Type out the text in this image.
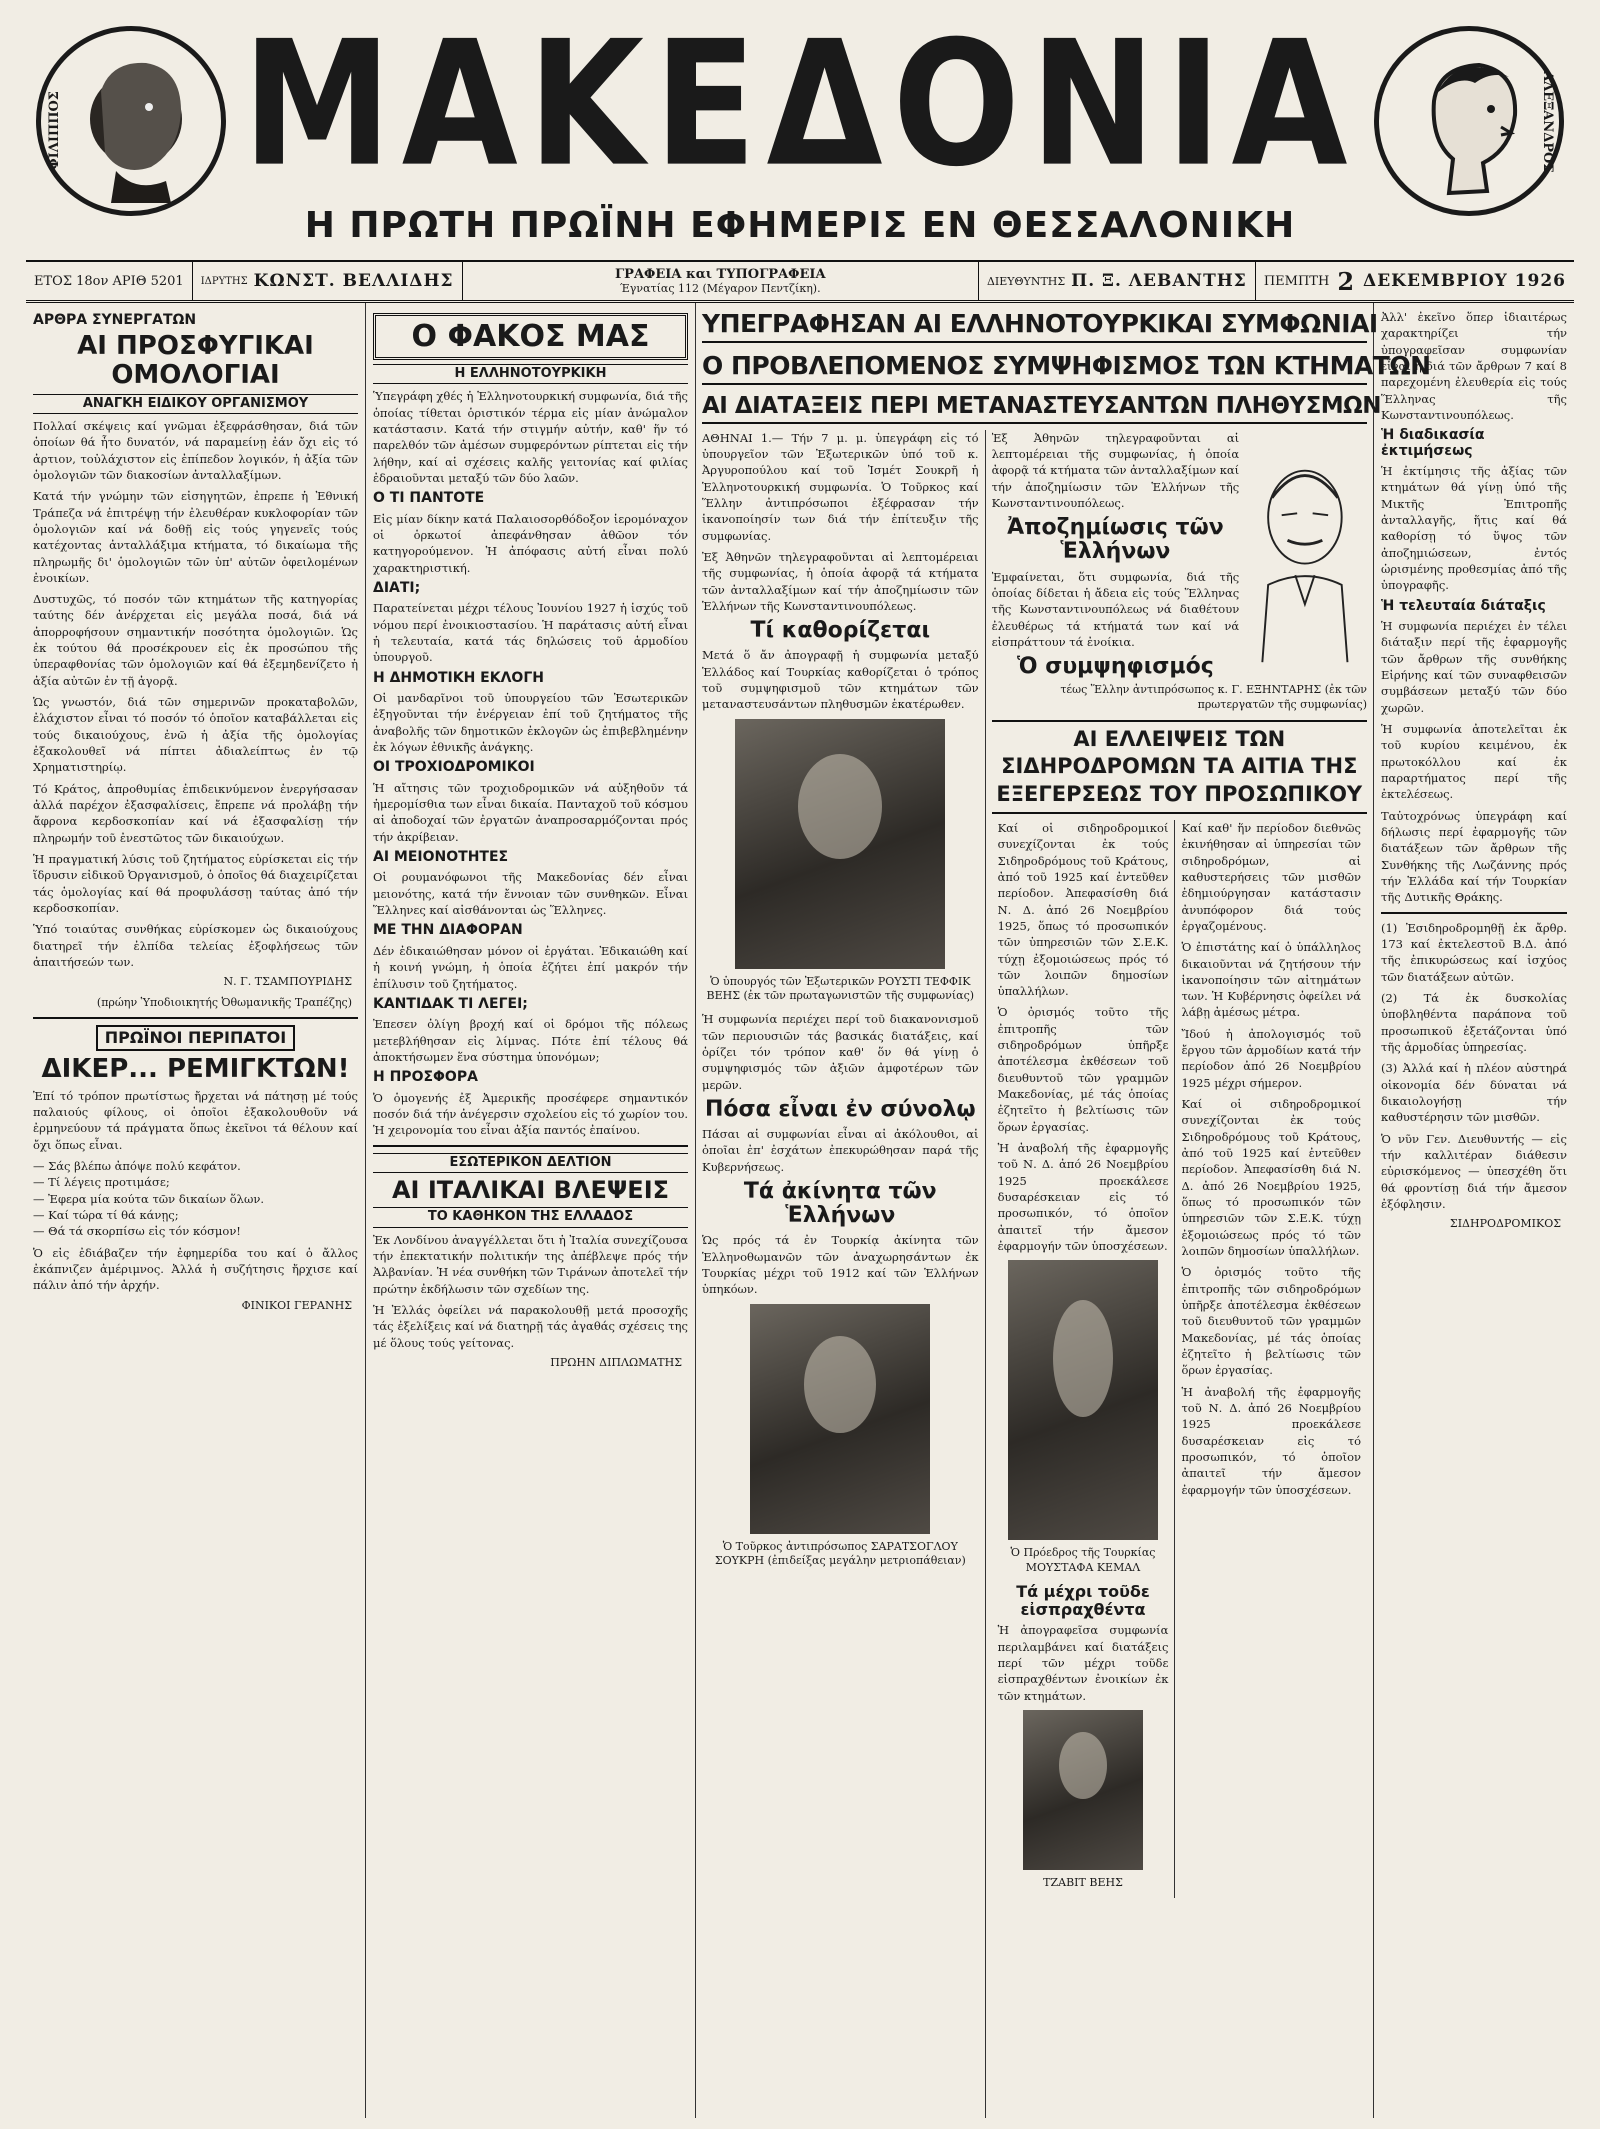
ΦΙΛΙΠΠΟΣ	ΜΑΚΕΔΟΝΙΑ
Η ΠΡΩΤΗ ΠΡΩΪΝΗ ΕΦΗΜΕΡΙΣ ΕΝ ΘΕΣΣΑΛΟΝΙΚΗ
ΑΛΕΞΑΝΔΡΟΣ
ΕΤΟΣ 18ον ΑΡΙΘ 5201 ΙΔΡΥΤΗΣ ΚΩΝΣΤ. ΒΕΛΛΙΔΗΣ	ΓΡΑΦΕΙΑ και ΤΥΠΟΓΡΑΦΕΙΑ
Έγνατίας 112 (Μέγαρον Πεντζίκη).
ΔΙΕΥΘΥΝΤΗΣ Π. Ξ. ΛΕΒΑΝΤΗΣ ΠΕΜΠΤΗ 2 ΔΕΚΕΜΒΡΙΟΥ 1926
ΑΡΘΡΑ ΣΥΝΕΡΓΑΤΩΝ
ΑΙ ΠΡΟΣΦΥΓΙΚΑΙ ΟΜΟΛΟΓΙΑΙ
ΑΝΑΓΚΗ ΕΙΔΙΚΟΥ ΟΡΓΑΝΙΣΜΟΥ

Πολλαί σκέψεις καί γνῶμαι ἐξεφράσθησαν, διά τῶν ὁποίων θά ἦτο δυνατόν, νά παραμείνῃ ἐάν ὄχι εἰς τό ἀρτιον, τοὐλάχιστον εἰς ἐπίπεδον λογικόν, ἡ ἀξία τῶν ὁμολογιῶν τῶν διακοσίων ἀνταλλαξίμων.

Κατά τήν γνώμην τῶν εἰσηγητῶν, ἐπρεπε ἡ Ἐθνική Τράπεζα νά ἐπιτρέψῃ τήν ἐλευθέραν κυκλοφορίαν τῶν ὁμολογιῶν καί νά δοθῇ εἰς τούς γηγενεῖς τούς κατέχοντας ἀνταλλάξιμα κτήματα, τό δικαίωμα τῆς πληρωμῆς δι' ὁμολογιῶν τῶν ὑπ' αὐτῶν ὀφειλομένων ἐνοικίων.

Δυστυχῶς, τό ποσόν τῶν κτημάτων τῆς κατηγορίας ταύτης δέν ἀνέρχεται εἰς μεγάλα ποσά, διά νά ἀπορροφήσουν σημαντικήν ποσότητα ὁμολογιῶν. Ὡς ἐκ τούτου θά προσέκρουεν εἰς ἐκ προσώπου τῆς ὑπεραφθονίας τῶν ὁμολογιῶν καί θά ἐξεμηδενίζετο ἡ ἀξία αὐτῶν ἐν τῇ ἀγορᾷ.

Ὡς γνωστόν, διά τῶν σημερινῶν προκαταβολῶν, ἐλάχιστον εἶναι τό ποσόν τό ὁποῖον καταβάλλεται εἰς τούς δικαιούχους, ἐνῶ ἡ ἀξία τῆς ὁμολογίας ἐξακολουθεῖ νά πίπτει ἀδιαλείπτως ἐν τῷ Χρηματιστηρίῳ.

Τό Κράτος, ἀπροθυμίας ἐπιδεικνύμενον ἐνεργήσασαν ἀλλά παρέχον ἐξασφαλίσεις, ἔπρεπε νά προλάβῃ τήν ἄφρονα κερδοσκοπίαν καί νά ἐξασφαλίσῃ τήν πληρωμήν τοῦ ἐνεστῶτος τῶν δικαιούχων.

Ἡ πραγματική λύσις τοῦ ζητήματος εὑρίσκεται εἰς τήν ἵδρυσιν εἰδικοῦ Ὀργανισμοῦ, ὁ ὁποῖος θά διαχειρίζεται τάς ὁμολογίας καί θά προφυλάσσῃ ταύτας ἀπό τήν κερδοσκοπίαν.

Ὑπό τοιαύτας συνθήκας εὑρίσκομεν ὡς δικαιούχους διατηρεῖ τήν ἐλπίδα τελείας ἐξοφλήσεως τῶν ἀπαιτήσεών των.

Ν. Γ. ΤΣΑΜΠΟΥΡΙΔΗΣ
(πρώην Ὑποδιοικητής Ὀθωμανικῆς Τραπέζης)
ΠΡΩΪΝΟΙ ΠΕΡΙΠΑΤΟΙ
ΔΙΚΕΡ... ΡΕΜΙΓΚΤΩΝ!

Ἐπί τό τρόπον πρωτίστως ἤρχεται νά πάτησῃ μέ τούς παλαιούς φίλους, οἱ ὁποῖοι ἐξακολουθοῦν νά ἐρμηνεύουν τά πράγματα ὅπως ἐκεῖνοι τά θέλουν καί ὄχι ὅπως εἶναι.

— Σάς βλέπω ἀπόψε πολύ κεφάτον.
— Τί λέγεις προτιμάσε;
— Ἐφερα μία κούτα τῶν δικαίων ὅλων.
— Καί τώρα τί θά κάνῃς;
— Θά τά σκορπίσω εἰς τόν κόσμον!

Ὁ εἰς ἐδιάβαζεν τήν ἐφημερίδα του καί ὁ ἄλλος ἐκάπνιζεν ἀμέριμνος. Ἀλλά ἡ συζήτησις ἤρχισε καί πάλιν ἀπό τήν ἀρχήν.

ΦΙΝΙΚΟΙ ΓΕΡΑΝΗΣ
Ο ΦΑΚΟΣ ΜΑΣ
Η ΕΛΛΗΝΟΤΟΥΡΚΙΚΗ

Ὑπεγράφη χθές ἡ Ἑλληνοτουρκική συμφωνία, διά τῆς ὁποίας τίθεται ὁριστικόν τέρμα εἰς μίαν ἀνώμαλον κατάστασιν. Κατά τήν στιγμήν αὐτήν, καθ' ἥν τό παρελθόν τῶν ἀμέσων συμφερόντων ρίπτεται εἰς τήν λήθην, καί αἱ σχέσεις καλῆς γειτονίας καί φιλίας ἐδραιοῦνται μεταξύ τῶν δύο λαῶν.

Ο ΤΙ ΠΑΝΤΟΤΕ

Εἰς μίαν δίκην κατά Παλαιοσορθόδοξον ἱερομόναχον οἱ ὁρκωτοί ἀπεφάνθησαν ἀθῶον τόν κατηγορούμενον. Ἡ ἀπόφασις αὐτή εἶναι πολύ χαρακτηριστική.

ΔΙΑΤΙ;

Παρατείνεται μέχρι τέλους Ἰουνίου 1927 ἡ ἰσχύς τοῦ νόμου περί ἐνοικιοστασίου. Ἡ παράτασις αὐτή εἶναι ἡ τελευταία, κατά τάς δηλώσεις τοῦ ἁρμοδίου ὑπουργοῦ.

Η ΔΗΜΟΤΙΚΗ ΕΚΛΟΓΗ

Οἱ μανδαρῖνοι τοῦ ὑπουργείου τῶν Ἐσωτερικῶν ἐξηγοῦνται τήν ἐνέργειαν ἐπί τοῦ ζητήματος τῆς ἀναβολῆς τῶν δημοτικῶν ἐκλογῶν ὡς ἐπιβεβλημένην ἐκ λόγων ἐθνικῆς ἀνάγκης.

ΟΙ ΤΡΟΧΙΟΔΡΟΜΙΚΟΙ

Ἡ αἴτησις τῶν τροχιοδρομικῶν νά αὐξηθοῦν τά ἡμερομίσθια των εἶναι δικαία. Πανταχοῦ τοῦ κόσμου αἱ ἀποδοχαί τῶν ἐργατῶν ἀναπροσαρμόζονται πρός τήν ἀκρίβειαν.

ΑΙ ΜΕΙΟΝΟΤΗΤΕΣ

Οἱ ρουμανόφωνοι τῆς Μακεδονίας δέν εἶναι μειονότης, κατά τήν ἔννοιαν τῶν συνθηκῶν. Εἶναι Ἕλληνες καί αἰσθάνονται ὡς Ἕλληνες.

ΜΕ ΤΗΝ ΔΙΑΦΟΡΑΝ

Δέν ἐδικαιώθησαν μόνον οἱ ἐργάται. Ἐδικαιώθη καί ἡ κοινή γνώμη, ἡ ὁποία ἐζήτει ἐπί μακρόν τήν ἐπίλυσιν τοῦ ζητήματος.

ΚΑΝΤΙΔΑΚ ΤΙ ΛΕΓΕΙ;

Ἐπεσεν ὀλίγη βροχή καί οἱ δρόμοι τῆς πόλεως μετεβλήθησαν εἰς λίμνας. Πότε ἐπί τέλους θά ἀποκτήσωμεν ἕνα σύστημα ὑπονόμων;

Η ΠΡΟΣΦΟΡΑ

Ὁ ὁμογενής ἐξ Ἀμερικῆς προσέφερε σημαντικόν ποσόν διά τήν ἀνέγερσιν σχολείου εἰς τό χωρίον του. Ἡ χειρονομία του εἶναι ἀξία παντός ἐπαίνου.

ΕΣΩΤΕΡΙΚΟΝ ΔΕΛΤΙΟΝ
ΑΙ ΙΤΑΛΙΚΑΙ ΒΛΕΨΕΙΣ
ΤΟ ΚΑΘΗΚΟΝ ΤΗΣ ΕΛΛΑΔΟΣ

Ἐκ Λονδίνου ἀναγγέλλεται ὅτι ἡ Ἰταλία συνεχίζουσα τήν ἐπεκτατικήν πολιτικήν της ἀπέβλεψε πρός τήν Ἀλβανίαν. Ἡ νέα συνθήκη τῶν Τιράνων ἀποτελεῖ τήν πρώτην ἐκδήλωσιν τῶν σχεδίων της.

Ἡ Ἑλλάς ὀφείλει νά παρακολουθῇ μετά προσοχῆς τάς ἐξελίξεις καί νά διατηρῇ τάς ἀγαθάς σχέσεις της μέ ὅλους τούς γείτονας.

ΠΡΩΗΝ ΔΙΠΛΩΜΑΤΗΣ
ΥΠΕΓΡΑΦΗΣΑΝ ΑΙ ΕΛΛΗΝΟΤΟΥΡΚΙΚΑΙ ΣΥΜΦΩΝΙΑΙ
Ο ΠΡΟΒΛΕΠΟΜΕΝΟΣ ΣΥΜΨΗΦΙΣΜΟΣ ΤΩΝ ΚΤΗΜΑΤΩΝ
ΑΙ ΔΙΑΤΑΞΕΙΣ ΠΕΡΙ ΜΕΤΑΝΑΣΤΕΥΣΑΝΤΩΝ ΠΛΗΘΥΣΜΩΝ

ΑΘΗΝΑΙ 1.— Τήν 7 μ. μ. ὑπεγράφη εἰς τό ὑπουργεῖον τῶν Ἐξωτερικῶν ὑπό τοῦ κ. Ἀργυροπούλου καί τοῦ Ἰσμέτ Σουκρῆ ἡ Ἑλληνοτουρκική συμφωνία. Ὁ Τοῦρκος καί Ἕλλην ἀντιπρόσωποι ἐξέφρασαν τήν ἱκανοποίησίν των διά τήν ἐπίτευξιν τῆς συμφωνίας.

Ἐξ Ἀθηνῶν τηλεγραφοῦνται αἱ λεπτομέρειαι τῆς συμφωνίας, ἡ ὁποία ἀφορᾷ τά κτήματα τῶν ἀνταλλαξίμων καί τήν ἀποζημίωσιν τῶν Ἑλλήνων τῆς Κωνσταντινουπόλεως.

Τί καθορίζεται

Μετά ὅ ἄν ἀπογραφῇ ἡ συμφωνία μεταξύ Ἑλλάδος καί Τουρκίας καθορίζεται ὁ τρόπος τοῦ συμψηφισμοῦ τῶν κτημάτων τῶν μεταναστευσάντων πληθυσμῶν ἑκατέρωθεν.

Ὁ ὑπουργός τῶν Ἐξωτερικῶν ΡΟΥΣΤΙ ΤΕΦΦΙΚ ΒΕΗΣ (ἐκ τῶν πρωταγωνιστῶν τῆς συμφωνίας)

Ἡ συμφωνία περιέχει περί τοῦ διακανονισμοῦ τῶν περιουσιῶν τάς βασικάς διατάξεις, καί ὁρίζει τόν τρόπον καθ' ὅν θά γίνῃ ὁ συμψηφισμός τῶν ἀξιῶν ἀμφοτέρων τῶν μερῶν.

Πόσα εἶναι ἐν σύνολῳ

Πάσαι αἱ συμφωνίαι εἶναι αἱ ἀκόλουθοι, αἱ ὁποῖαι ἐπ' ἐσχάτων ἐπεκυρώθησαν παρά τῆς Κυβερνήσεως.

Τά ἀκίνητα τῶν Ἑλλήνων

Ὡς πρός τά ἐν Τουρκίᾳ ἀκίνητα τῶν Ἑλληνοθωμανῶν τῶν ἀναχωρησάντων ἐκ Τουρκίας μέχρι τοῦ 1912 καί τῶν Ἑλλήνων ὑπηκόων.

Ὁ Τοῦρκος ἀντιπρόσωπος ΣΑΡΑΤΣΟΓΛΟΥ ΣΟΥΚΡΗ (ἐπιδείξας μεγάλην μετριοπάθειαν)

Ἐξ Ἀθηνῶν τηλεγραφοῦνται αἱ λεπτομέρειαι τῆς συμφωνίας, ἡ ὁποία ἀφορᾷ τά κτήματα τῶν ἀνταλλαξίμων καί τήν ἀποζημίωσιν τῶν Ἑλλήνων τῆς Κωνσταντινουπόλεως.

Ἀποζημίωσις τῶν Ἑλλήνων

Ἐμφαίνεται, ὅτι συμφωνία, διά τῆς ὁποίας δίδεται ἡ ἄδεια εἰς τούς Ἕλληνας τῆς Κωνσταντινουπόλεως νά διαθέτουν ἐλευθέρως τά κτήματά των καί νά εἰσπράττουν τά ἐνοίκια.

Ὁ συμψηφισμός
τέως Ἕλλην ἀντιπρόσωπος κ. Γ. ΕΞΗΝΤΑΡΗΣ (ἐκ τῶν πρωτεργατῶν τῆς συμφωνίας)
ΑΙ ΕΛΛΕΙΨΕΙΣ ΤΩΝ ΣΙΔΗΡΟΔΡΟΜΩΝ ΤΑ ΑΙΤΙΑ ΤΗΣ ΕΞΕΓΕΡΣΕΩΣ ΤΟΥ ΠΡΟΣΩΠΙΚΟΥ

Καί οἱ σιδηροδρομικοί συνεχίζονται ἐκ τούς Σιδηροδρόμους τοῦ Κράτους, ἀπό τοῦ 1925 καί ἐντεῦθεν περίοδον. Ἀπεφασίσθη διά Ν. Δ. ἀπό 26 Νοεμβρίου 1925, ὅπως τό προσωπικόν τῶν ὑπηρεσιῶν τῶν Σ.Ε.Κ. τύχῃ ἐξομοιώσεως πρός τό τῶν λοιπῶν δημοσίων ὑπαλλήλων.

Ὁ ὀρισμός τοῦτο τῆς ἐπιτροπῆς τῶν σιδηροδρόμων ὑπῆρξε ἀποτέλεσμα ἐκθέσεων τοῦ διευθυντοῦ τῶν γραμμῶν Μακεδονίας, μέ τάς ὁποίας ἐζητεῖτο ἡ βελτίωσις τῶν ὅρων ἐργασίας.

Ἡ ἀναβολή τῆς ἐφαρμογῆς τοῦ Ν. Δ. ἀπό 26 Νοεμβρίου 1925 προεκάλεσε δυσαρέσκειαν εἰς τό προσωπικόν, τό ὁποῖον ἀπαιτεῖ τήν ἄμεσον ἐφαρμογήν τῶν ὑποσχέσεων.

Ὁ Πρόεδρος τῆς Τουρκίας ΜΟΥΣΤΑΦΑ ΚΕΜΑΛ
Τά μέχρι τοῦδε εἰσπραχθέντα

Ἡ ἀπογραφεῖσα συμφωνία περιλαμβάνει καί διατάξεις περί τῶν μέχρι τοῦδε εἰσπραχθέντων ἐνοικίων ἐκ τῶν κτημάτων.

ΤΖΑΒΙΤ ΒΕΗΣ

Καί καθ' ἥν περίοδον διεθνῶς ἐκινήθησαν αἱ ὑπηρεσίαι τῶν σιδηροδρόμων, αἱ καθυστερήσεις τῶν μισθῶν ἐδημιούργησαν κατάστασιν ἀνυπόφορον διά τούς ἐργαζομένους.

Ὁ ἐπιστάτης καί ὁ ὑπάλληλος δικαιοῦνται νά ζητήσουν τήν ἱκανοποίησιν τῶν αἰτημάτων των. Ἡ Κυβέρνησις ὀφείλει νά λάβῃ ἀμέσως μέτρα.

Ἴδού ἡ ἀπολογισμός τοῦ ἔργου τῶν ἀρμοδίων κατά τήν περίοδον ἀπό 26 Νοεμβρίου 1925 μέχρι σήμερον.

Καί οἱ σιδηροδρομικοί συνεχίζονται ἐκ τούς Σιδηροδρόμους τοῦ Κράτους, ἀπό τοῦ 1925 καί ἐντεῦθεν περίοδον. Ἀπεφασίσθη διά Ν. Δ. ἀπό 26 Νοεμβρίου 1925, ὅπως τό προσωπικόν τῶν ὑπηρεσιῶν τῶν Σ.Ε.Κ. τύχῃ ἐξομοιώσεως πρός τό τῶν λοιπῶν δημοσίων ὑπαλλήλων.

Ὁ ὀρισμός τοῦτο τῆς ἐπιτροπῆς τῶν σιδηροδρόμων ὑπῆρξε ἀποτέλεσμα ἐκθέσεων τοῦ διευθυντοῦ τῶν γραμμῶν Μακεδονίας, μέ τάς ὁποίας ἐζητεῖτο ἡ βελτίωσις τῶν ὅρων ἐργασίας.

Ἡ ἀναβολή τῆς ἐφαρμογῆς τοῦ Ν. Δ. ἀπό 26 Νοεμβρίου 1925 προεκάλεσε δυσαρέσκειαν εἰς τό προσωπικόν, τό ὁποῖον ἀπαιτεῖ τήν ἄμεσον ἐφαρμογήν τῶν ὑποσχέσεων.

Ἀλλ' ἐκεῖνο ὅπερ ἰδιαιτέρως χαρακτηρίζει τήν ὑπογραφεῖσαν συμφωνίαν εἶναι ἡ διά τῶν ἄρθρων 7 καί 8 παρεχομένη ἐλευθερία εἰς τούς Ἕλληνας τῆς Κωνσταντινουπόλεως.

Ἡ διαδικασία ἐκτιμήσεως

Ἡ ἐκτίμησις τῆς ἀξίας τῶν κτημάτων θά γίνῃ ὑπό τῆς Μικτῆς Ἐπιτροπῆς ἀνταλλαγῆς, ἥτις καί θά καθορίσῃ τό ὕψος τῶν ἀποζημιώσεων, ἐντός ὡρισμένης προθεσμίας ἀπό τῆς ὑπογραφῆς.

Ἡ τελευταία διάταξις

Ἡ συμφωνία περιέχει ἐν τέλει διάταξιν περί τῆς ἐφαρμογῆς τῶν ἄρθρων τῆς συνθήκης Εἰρήνης καί τῶν συναφθεισῶν συμβάσεων μεταξύ τῶν δύο χωρῶν.

Ἡ συμφωνία ἀποτελεῖται ἐκ τοῦ κυρίου κειμένου, ἐκ πρωτοκόλλου καί ἐκ παραρτήματος περί τῆς ἐκτελέσεως.

Ταὐτοχρόνως ὑπεγράφη καί δήλωσις περί ἐφαρμογῆς τῶν διατάξεων τῶν ἄρθρων τῆς Συνθήκης τῆς Λωζάννης πρός τήν Ἑλλάδα καί τήν Τουρκίαν τῆς Δυτικῆς Θράκης.

(1) Ἐσιδηροδρομηθῇ ἐκ ἄρθρ. 173 καί ἐκτελεστοῦ Β.Δ. ἀπό τῆς ἐπικυρώσεως καί ἰσχύος τῶν διατάξεων αὐτῶν.

(2) Τά ἐκ δυσκολίας ὑποβληθέντα παράπονα τοῦ προσωπικοῦ ἐξετάζονται ὑπό τῆς ἁρμοδίας ὑπηρεσίας.

(3) Ἀλλά καί ἡ πλέον αὐστηρά οἰκονομία δέν δύναται νά δικαιολογήσῃ τήν καθυστέρησιν τῶν μισθῶν.

Ὁ νῦν Γεν. Διευθυντής — εἰς τήν καλλιτέραν διάθεσιν εὑρισκόμενος — ὑπεσχέθη ὅτι θά φροντίσῃ διά τήν ἄμεσον ἐξόφλησιν.

ΣΙΔΗΡΟΔΡΟΜΙΚΟΣ
